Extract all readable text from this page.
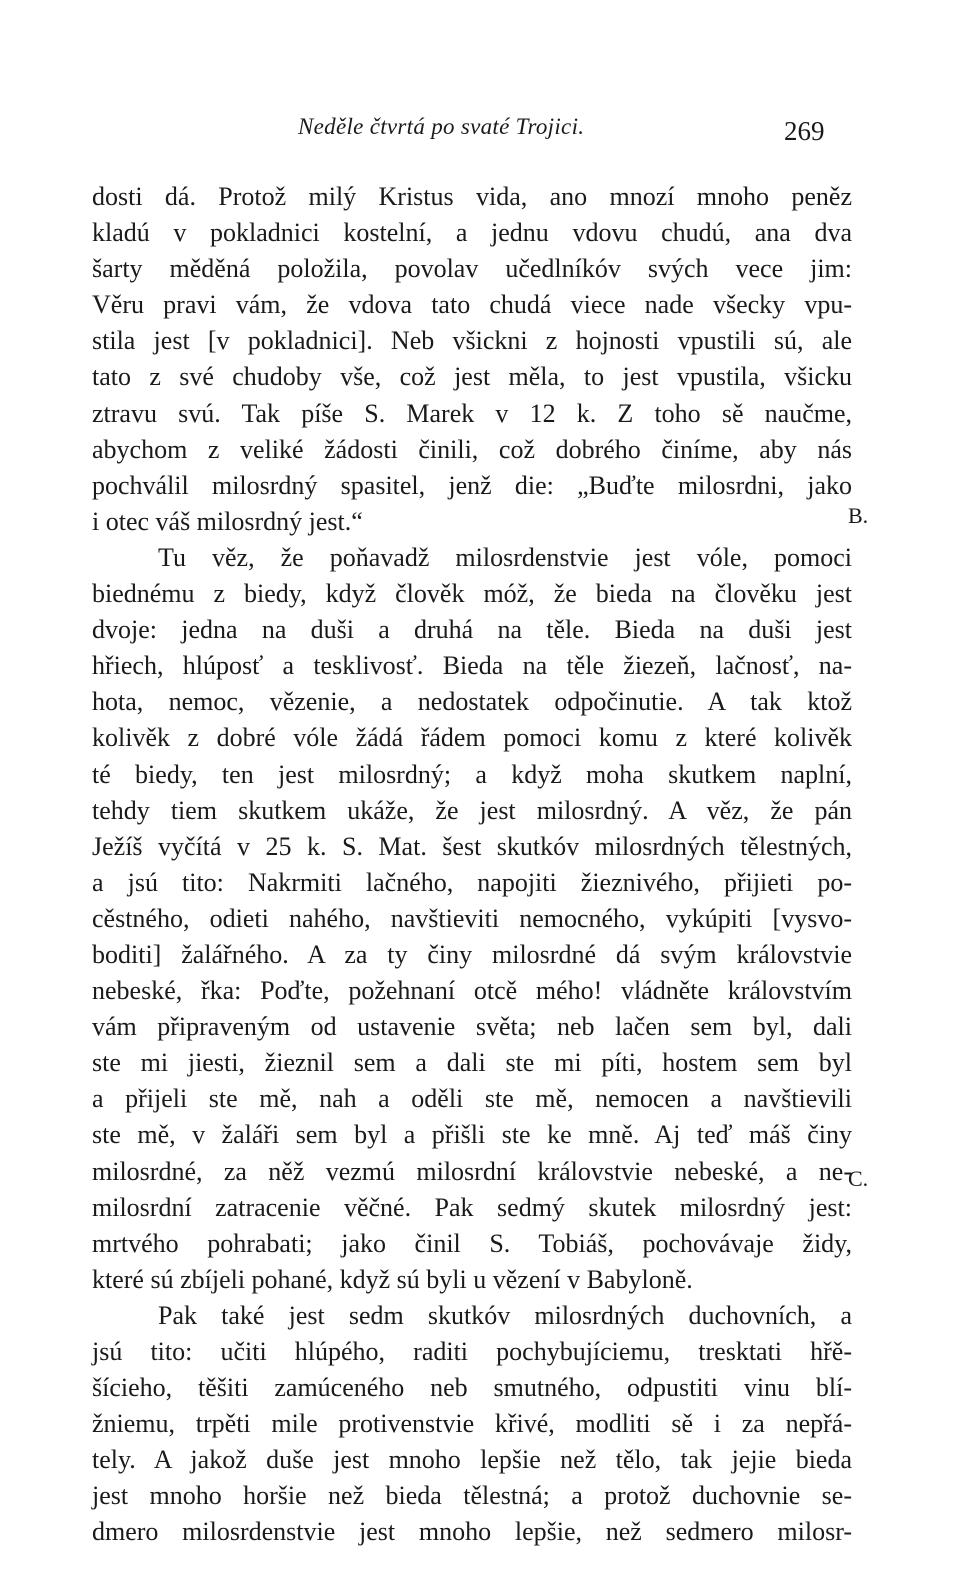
Neděle čtvrtá po svaté Trojici.	269
B.
C.
dosti dá. Protož milý Kristus vida, ano mnozí mnoho peněz
kladú v pokladnici kostelní, a jednu vdovu chudú, ana dva
šarty měděná položila, povolav učedlníkóv svých vece jim:
Věru pravi vám, že vdova tato chudá viece nade všecky vpu-
stila jest [v pokladnici]. Neb všickni z hojnosti vpustili sú, ale
tato z své chudoby vše, což jest měla, to jest vpustila, všicku
ztravu svú. Tak píše S. Marek v 12 k. Z toho sě naučme,
abychom z veliké žádosti činili, což dobrého činíme, aby nás
pochválil milosrdný spasitel, jenž die: „Buďte milosrdni, jako
i otec váš milosrdný jest.“
Tu věz, že poňavadž milosrdenstvie jest vóle, pomoci
biednému z biedy, když člověk móž, že bieda na člověku jest
dvoje: jedna na duši a druhá na těle. Bieda na duši jest
hřiech, hlúposť a tesklivosť. Bieda na těle žiezeň, lačnosť, na-
hota, nemoc, vězenie, a nedostatek odpočinutie. A tak ktož
kolivěk z dobré vóle žádá řádem pomoci komu z které kolivěk
té biedy, ten jest milosrdný; a když moha skutkem naplní,
tehdy tiem skutkem ukáže, že jest milosrdný. A věz, že pán
Ježíš vyčítá v 25 k. S. Mat. šest skutkóv milosrdných tělestných,
a jsú tito: Nakrmiti lačného, napojiti žieznivého, přijieti po-
cěstného, odieti nahého, navštieviti nemocného, vykúpiti [vysvo-
boditi] žalářného. A za ty činy milosrdné dá svým královstvie
nebeské, řka: Poďte, požehnaní otcě mého! vládněte královstvím
vám připraveným od ustavenie světa; neb lačen sem byl, dali
ste mi jiesti, žieznil sem a dali ste mi píti, hostem sem byl
a přijeli ste mě, nah a oděli ste mě, nemocen a navštievili
ste mě, v žaláři sem byl a přišli ste ke mně. Aj teď máš činy
milosrdné, za něž vezmú milosrdní královstvie nebeské, a ne-
milosrdní zatracenie věčné. Pak sedmý skutek milosrdný jest:
mrtvého pohrabati; jako činil S. Tobiáš, pochovávaje židy,
které sú zbíjeli pohané, když sú byli u vězení v Babyloně.
Pak také jest sedm skutkóv milosrdných duchovních, a
jsú tito: učiti hlúpého, raditi pochybujíciemu, tresktati hřě-
šícieho, těšiti zamúceného neb smutného, odpustiti vinu blí-
žniemu, trpěti mile protivenstvie křivé, modliti sě i za nepřá-
tely. A jakož duše jest mnoho lepšie než tělo, tak jejie bieda
jest mnoho horšie než bieda tělestná; a protož duchovnie se-
dmero milosrdenstvie jest mnoho lepšie, než sedmero milosr-
